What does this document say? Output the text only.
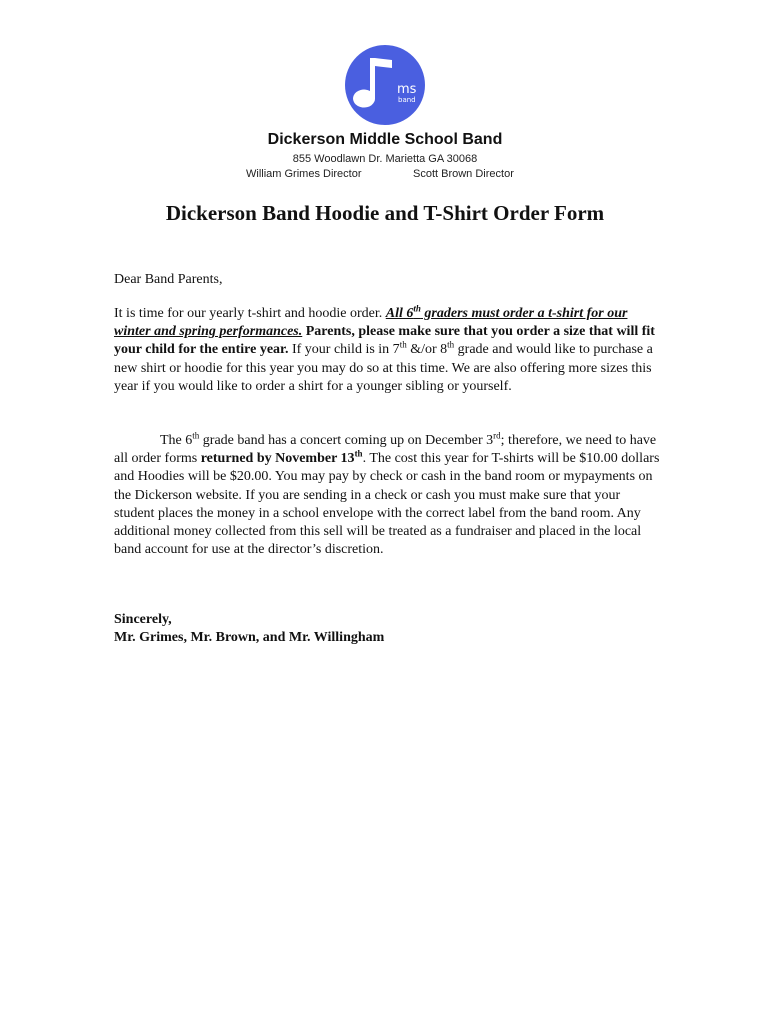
ms
band
Dickerson Middle School Band
855 Woodlawn Dr. Marietta GA 30068
William Grimes Director	Scott Brown Director
Dickerson Band Hoodie and T-Shirt Order Form
Dear Band Parents,
It is time for our yearly t-shirt and hoodie order. All 6th graders must order a t-shirt for our winter and spring performances. Parents, please make sure that you order a size that will fit your child for the entire year. If your child is in 7th &/or 8th grade and would like to purchase a new shirt or hoodie for this year you may do so at this time. We are also offering more sizes this year if you would like to order a shirt for a younger sibling or yourself.
The 6th grade band has a concert coming up on December 3rd; therefore, we need to have all order forms returned by November 13th. The cost this year for T-shirts will be $10.00 dollars and Hoodies will be $20.00. You may pay by check or cash in the band room or mypayments on the Dickerson website. If you are sending in a check or cash you must make sure that your student places the money in a school envelope with the correct label from the band room. Any additional money collected from this sell will be treated as a fundraiser and placed in the local band account for use at the director’s discretion.
Sincerely,
Mr. Grimes, Mr. Brown, and Mr. Willingham
